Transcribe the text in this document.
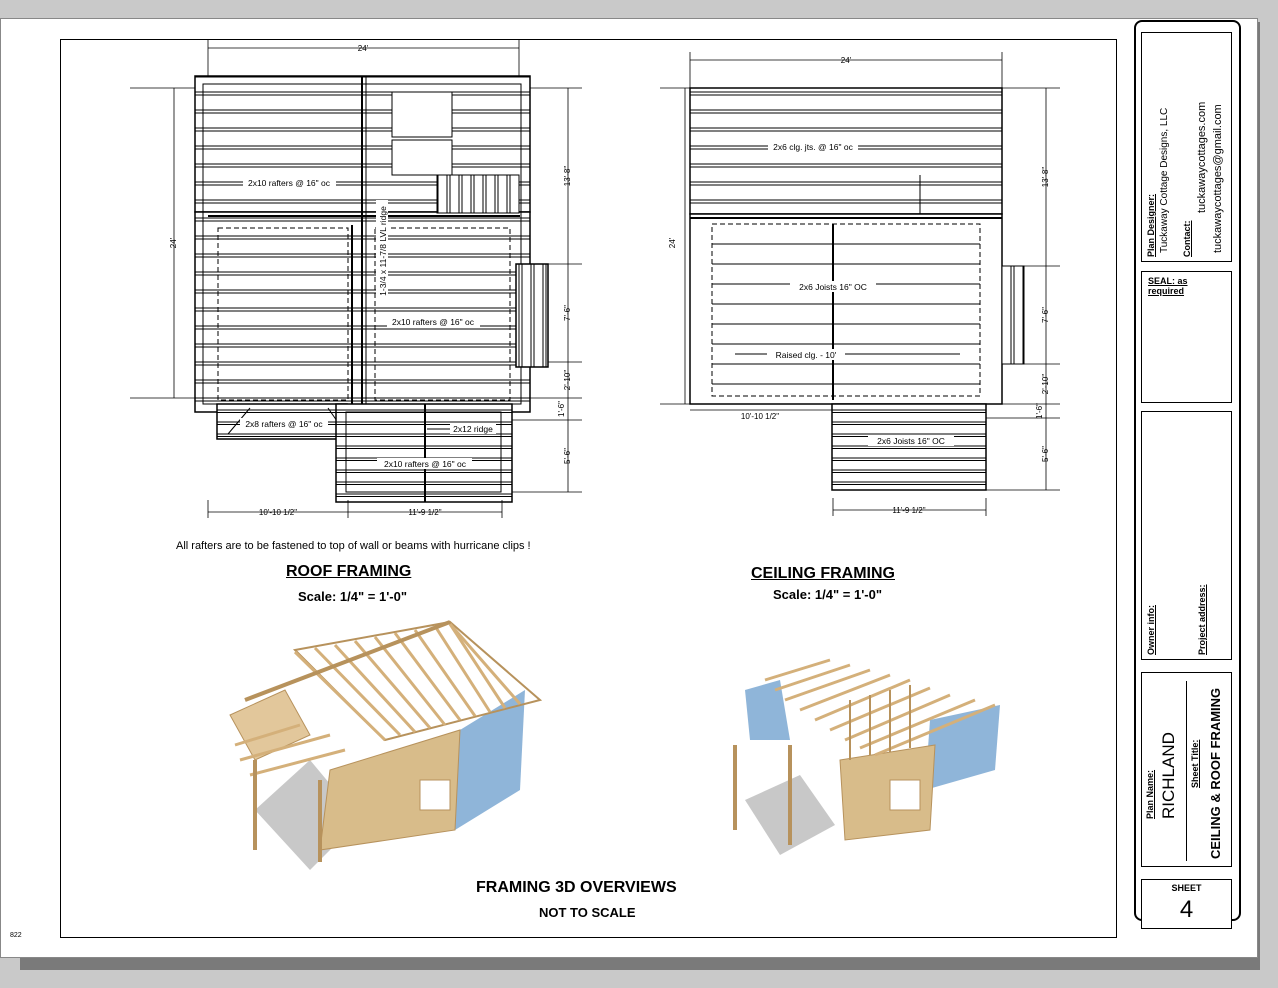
24'
24'
13'-8"
7'-6"
2'-10"
1'-6"
5'-6"
10'-10 1/2"	11'-9 1/2"
2x10 rafters @ 16" oc
2x10 rafters @ 16" oc
2x8 rafters @ 16" oc	2x12 ridge
2x10 rafters @ 16" oc
1-3/4 x 11-7/8 LVL ridge
24'
24'
13'-8"
7'-6"
2'-10"
1'-6"
5'-6"
10'-10 1/2"
11'-9 1/2"
2x6 clg. jts. @ 16" oc
2x6 Joists 16" OC
Raised clg. - 10'
2x6 Joists 16" OC
All rafters are to be fastened to top of wall or beams with hurricane clips !
ROOF FRAMING
Scale: 1/4" = 1'-0"
CEILING FRAMING
Scale: 1/4" = 1'-0"
FRAMING 3D OVERVIEWS
NOT TO SCALE
822
Plan Designer: Tuckaway Cottage Designs, LLC Contact:
tuckawaycottages.com tuckawaycottages@gmail.com
SEAL: as required
Owner info:	Project address:
Plan Name: RICHLAND Sheet Title: CEILING & ROOF FRAMING
SHEET
4
